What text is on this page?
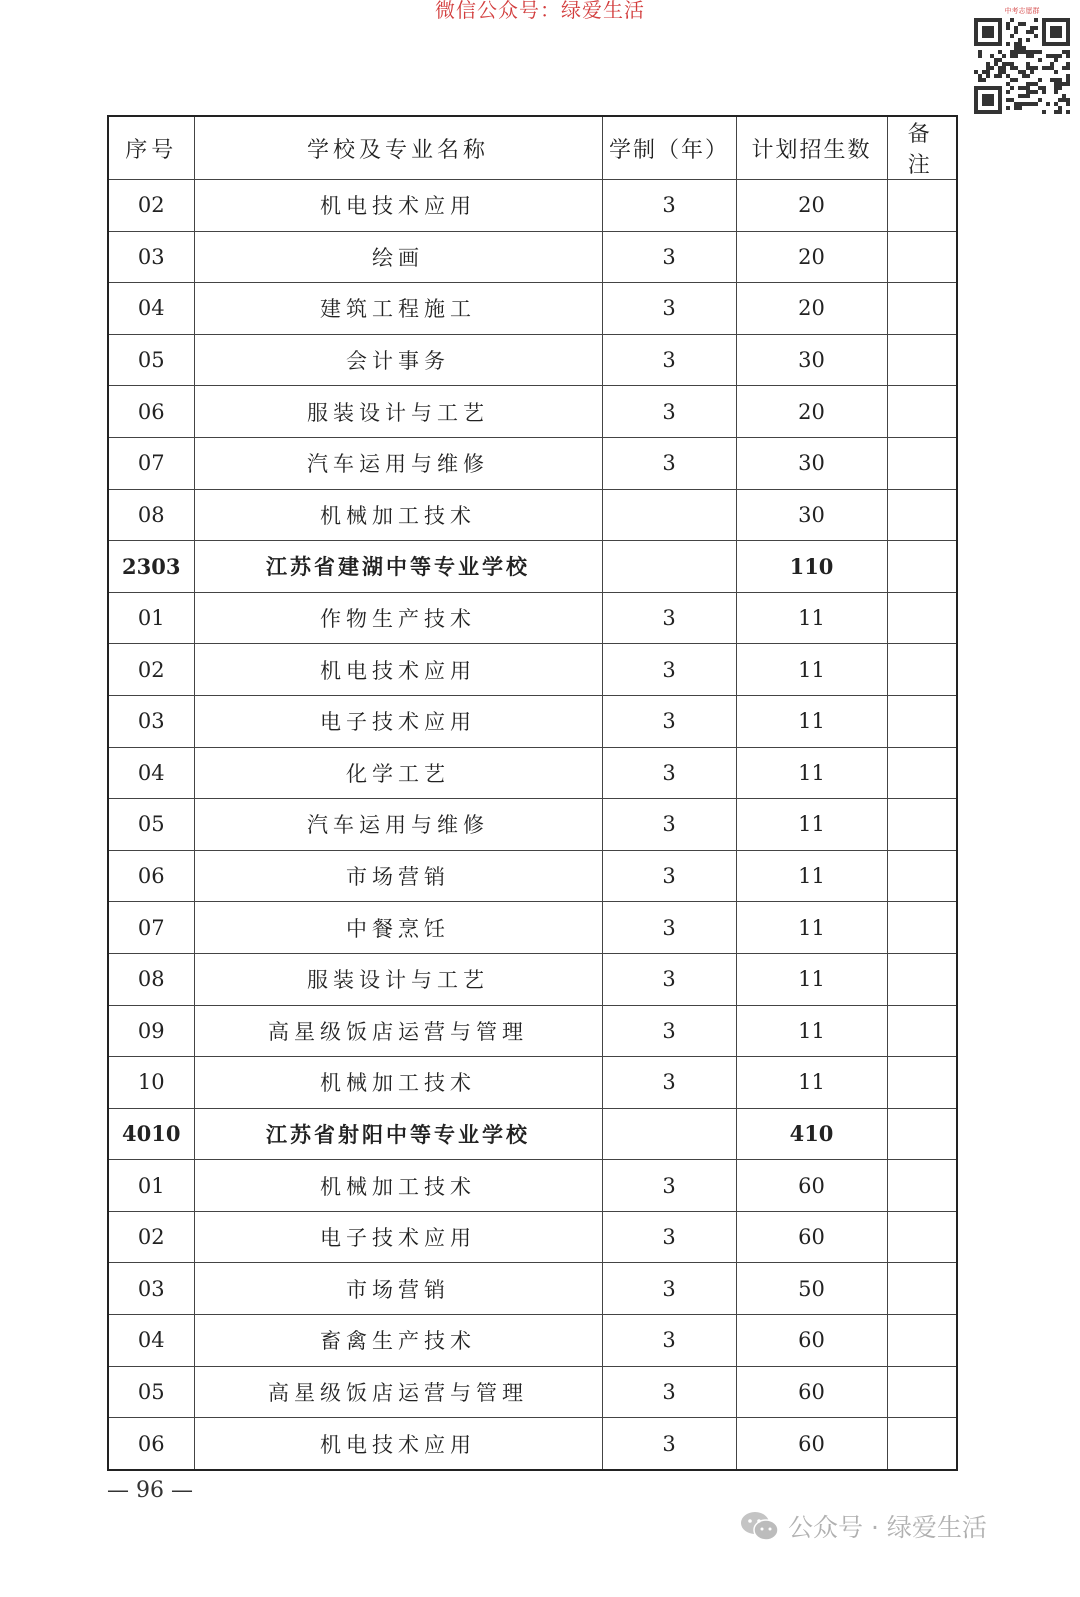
微信公众号：绿爱生活	中考志愿群
序号	学校及专业名称	学制（年）	计划招生数	备 注
02	机电技术应用	3	20	
03	绘画	3	20	
04	建筑工程施工	3	20	
05	会计事务	3	30	
06	服装设计与工艺	3	20	
07	汽车运用与维修	3	30	
08	机械加工技术		30	
2303	江苏省建湖中等专业学校		110	
01	作物生产技术	3	11	
02	机电技术应用	3	11	
03	电子技术应用	3	11	
04	化学工艺	3	11	
05	汽车运用与维修	3	11	
06	市场营销	3	11	
07	中餐烹饪	3	11	
08	服装设计与工艺	3	11	
09	高星级饭店运营与管理	3	11	
10	机械加工技术	3	11	
4010	江苏省射阳中等专业学校		410	
01	机械加工技术	3	60	
02	电子技术应用	3	60	
03	市场营销	3	50	
04	畜禽生产技术	3	60	
05	高星级饭店运营与管理	3	60	
06	机电技术应用	3	60	
— 96 —
公众号 · 绿爱生活
